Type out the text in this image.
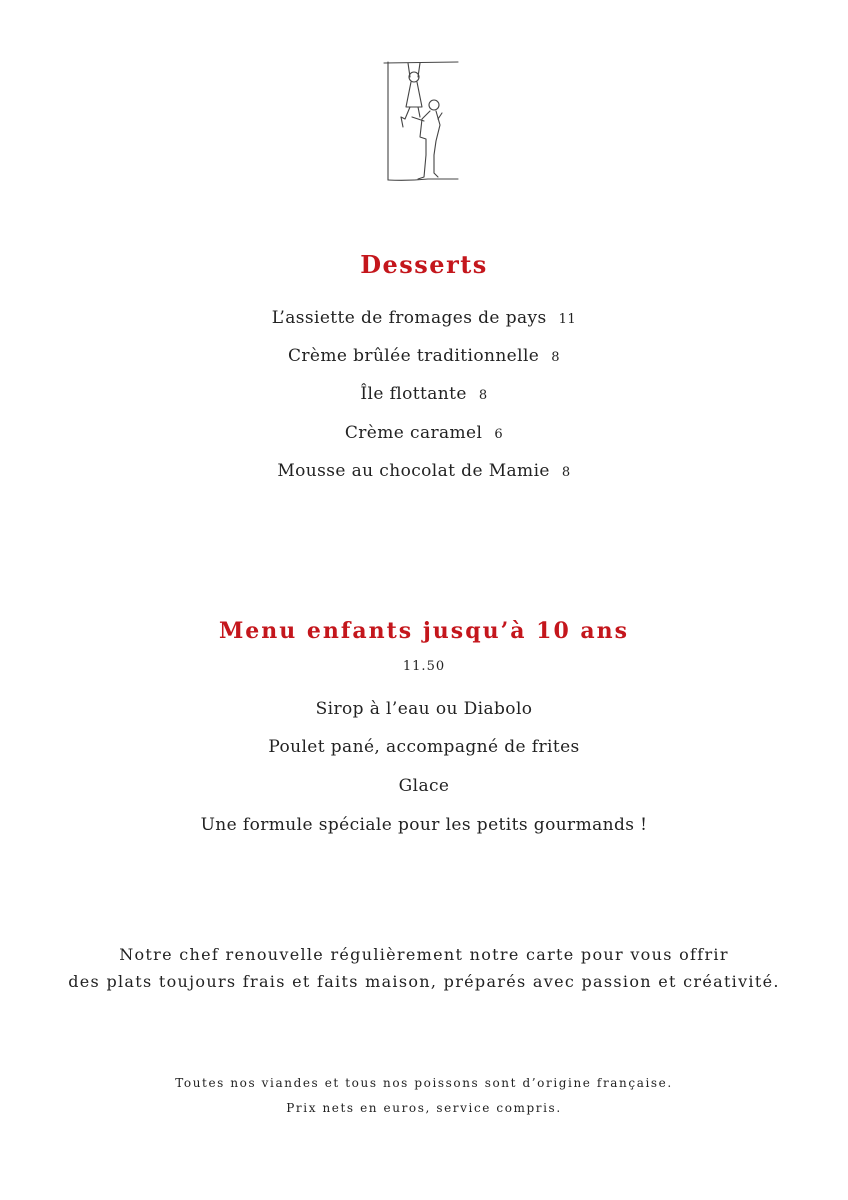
Desserts
L’assiette de fromages de pays 11
Crème brûlée traditionnelle 8
Île flottante 8
Crème caramel 6
Mousse au chocolat de Mamie 8
Menu enfants jusqu’à 10 ans
11.50
Sirop à l’eau ou Diabolo
Poulet pané, accompagné de frites
Glace
Une formule spéciale pour les petits gourmands !
Notre chef renouvelle régulièrement notre carte pour vous offrir
des plats toujours frais et faits maison, préparés avec passion et créativité.
Toutes nos viandes et tous nos poissons sont d’origine française.
Prix nets en euros, service compris.
